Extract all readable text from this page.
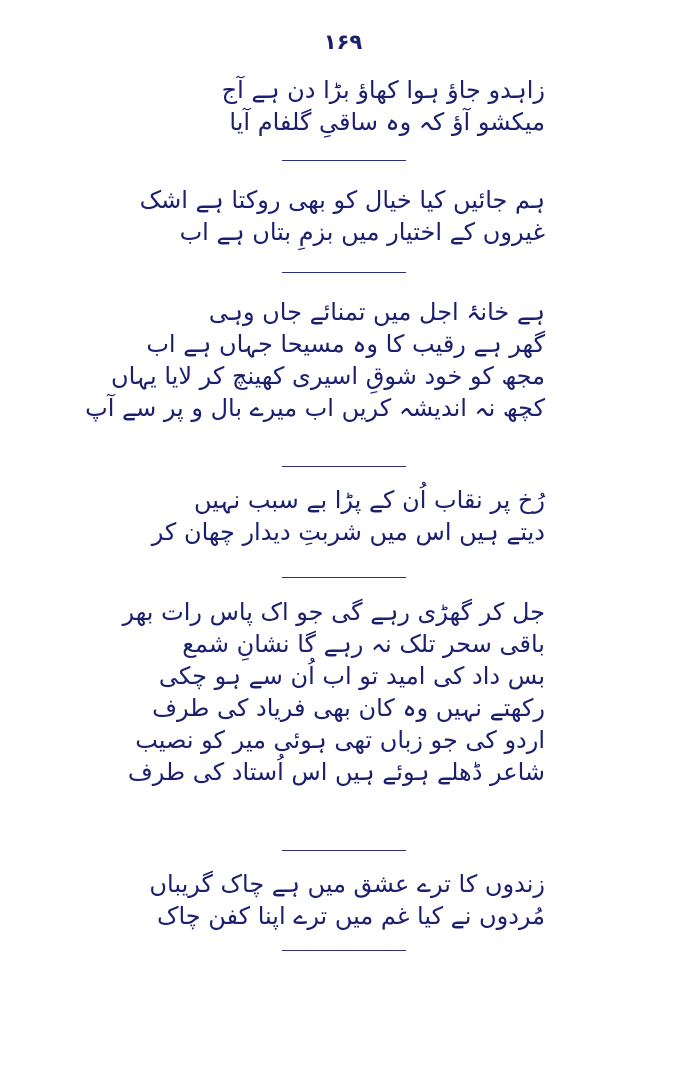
۱۶۹
زاہدو جاؤ ہوا کھاؤ بڑا دن ہے آج
میکشو آؤ کہ وہ ساقیِ گلفام آیا
ہم جائیں کیا خیال کو بھی روکتا ہے اشک
غیروں کے اختیار میں بزمِ بتاں ہے اب
ہے خانۂ اجل میں تمنائے جاں وہی
گھر ہے رقیب کا وہ مسیحا جہاں ہے اب
مجھ کو خود شوقِ اسیری کھینچ کر لایا یہاں
کچھ نہ اندیشہ کریں اب میرے بال و پر سے آپ
رُخ پر نقاب اُن کے پڑا بے سبب نہیں
دیتے ہیں اس میں شربتِ دیدار چھان کر
جل کر گھڑی رہے گی جو اک پاس رات بھر
باقی سحر تلک نہ رہے گا نشانِ شمع
بس داد کی امید تو اب اُن سے ہو چکی
رکھتے نہیں وہ کان بھی فریاد کی طرف
اردو کی جو زباں تھی ہوئی میر کو نصیب
شاعر ڈھلے ہوئے ہیں اس اُستاد کی طرف
زندوں کا ترے عشق میں ہے چاک گریباں
مُردوں نے کیا غم میں ترے اپنا کفن چاک
